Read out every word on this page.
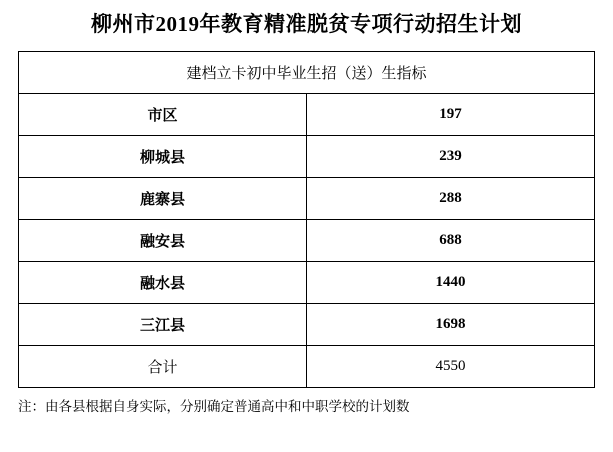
柳州市2019年教育精准脱贫专项行动招生计划
建档立卡初中毕业生招（送）生指标	
市区	197
柳城县	239
鹿寨县	288
融安县	688
融水县	1440
三江县	1698
合计	4550
注：由各县根据自身实际，分别确定普通高中和中职学校的计划数
